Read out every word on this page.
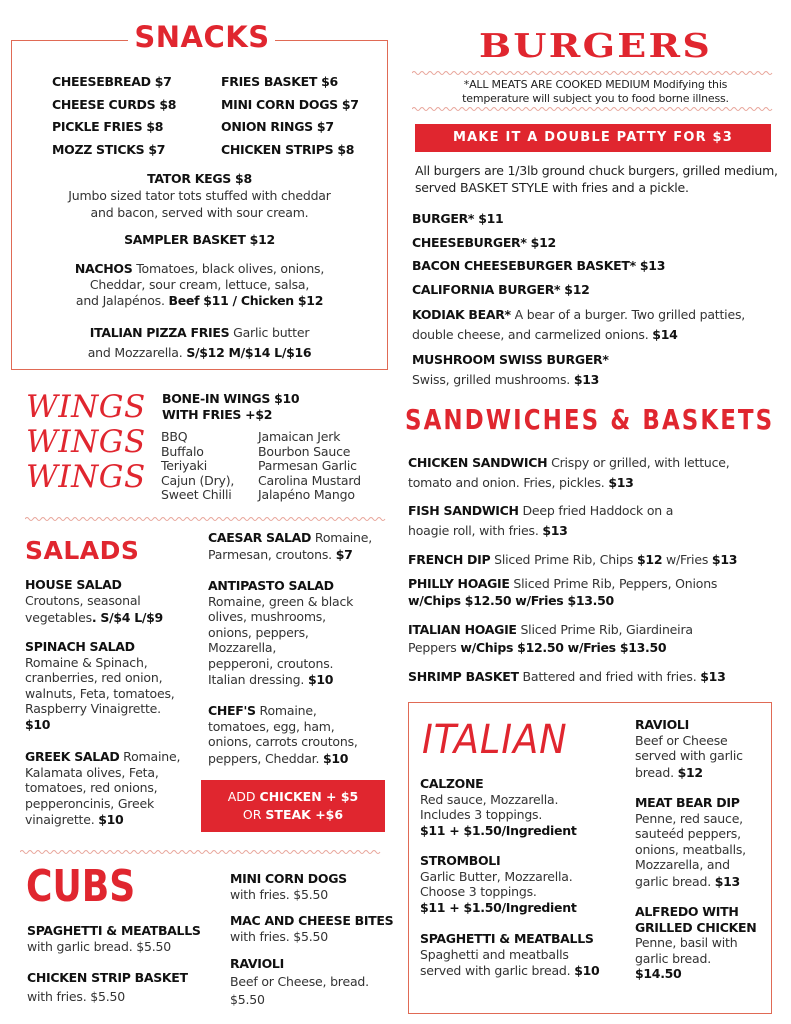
SNACKS
CHEESEBREAD $7
CHEESE CURDS $8
PICKLE FRIES $8
MOZZ STICKS $7
FRIES BASKET $6
MINI CORN DOGS $7
ONION RINGS $7
CHICKEN STRIPS $8
TATOR KEGS $8
Jumbo sized tator tots stuffed with cheddar
and bacon, served with sour cream.
SAMPLER BASKET $12
NACHOS Tomatoes, black olives, onions,
Cheddar, sour cream, lettuce, salsa,
and Jalapénos. Beef $11 / Chicken $12
ITALIAN PIZZA FRIES Garlic butter
and Mozzarella. S/$12 M/$14 L/$16
BURGERS
*ALL MEATS ARE COOKED MEDIUM Modifying this
temperature will subject you to food borne illness.
MAKE IT A DOUBLE PATTY FOR $3
All burgers are 1/3lb ground chuck burgers, grilled medium,
served BASKET STYLE with fries and a pickle.
BURGER* $11
CHEESEBURGER* $12
BACON CHEESEBURGER BASKET* $13
CALIFORNIA BURGER* $12
KODIAK BEAR* A bear of a burger. Two grilled patties,
double cheese, and carmelized onions. $14
MUSHROOM SWISS BURGER*
Swiss, grilled mushrooms. $13
WINGS
WINGS
WINGS
BONE-IN WINGS $10
WITH FRIES +$2
BBQ
Buffalo
Teriyaki
Cajun (Dry),
Sweet Chilli
Jamaican Jerk
Bourbon Sauce
Parmesan Garlic
Carolina Mustard
Jalapéno Mango
SANDWICHES & BASKETS
CHICKEN SANDWICH Crispy or grilled, with lettuce,
tomato and onion. Fries, pickles. $13
FISH SANDWICH Deep fried Haddock on a
hoagie roll, with fries. $13
FRENCH DIP Sliced Prime Rib, Chips $12 w/Fries $13
PHILLY HOAGIE Sliced Prime Rib, Peppers, Onions
w/Chips $12.50 w/Fries $13.50
ITALIAN HOAGIE Sliced Prime Rib, Giardineira
Peppers w/Chips $12.50 w/Fries $13.50
SHRIMP BASKET Battered and fried with fries. $13
SALADS
HOUSE SALAD
Croutons, seasonal
vegetables. S/$4 L/$9
SPINACH SALAD
Romaine & Spinach,
cranberries, red onion,
walnuts, Feta, tomatoes,
Raspberry Vinaigrette.
$10
GREEK SALAD Romaine,
Kalamata olives, Feta,
tomatoes, red onions,
pepperoncinis, Greek
vinaigrette. $10
CAESAR SALAD Romaine,
Parmesan, croutons. $7
ANTIPASTO SALAD
Romaine, green & black
olives, mushrooms,
onions, peppers,
Mozzarella,
pepperoni, croutons.
Italian dressing. $10
CHEF'S Romaine,
tomatoes, egg, ham,
onions, carrots croutons,
peppers, Cheddar. $10
ADD CHICKEN + $5
OR STEAK +$6
CUBS
SPAGHETTI & MEATBALLS
with garlic bread. $5.50
CHICKEN STRIP BASKET
with fries. $5.50
MINI CORN DOGS
with fries. $5.50
MAC AND CHEESE BITES
with fries. $5.50
RAVIOLI
Beef or Cheese, bread.
$5.50
ITALIAN
CALZONE
Red sauce, Mozzarella.
Includes 3 toppings.
$11 + $1.50/Ingredient
STROMBOLI
Garlic Butter, Mozzarella.
Choose 3 toppings.
$11 + $1.50/Ingredient
SPAGHETTI & MEATBALLS
Spaghetti and meatballs
served with garlic bread. $10
RAVIOLI
Beef or Cheese
served with garlic
bread. $12
MEAT BEAR DIP
Penne, red sauce,
sauteéd peppers,
onions, meatballs,
Mozzarella, and
garlic bread. $13
ALFREDO WITH
GRILLED CHICKEN
Penne, basil with
garlic bread.
$14.50
